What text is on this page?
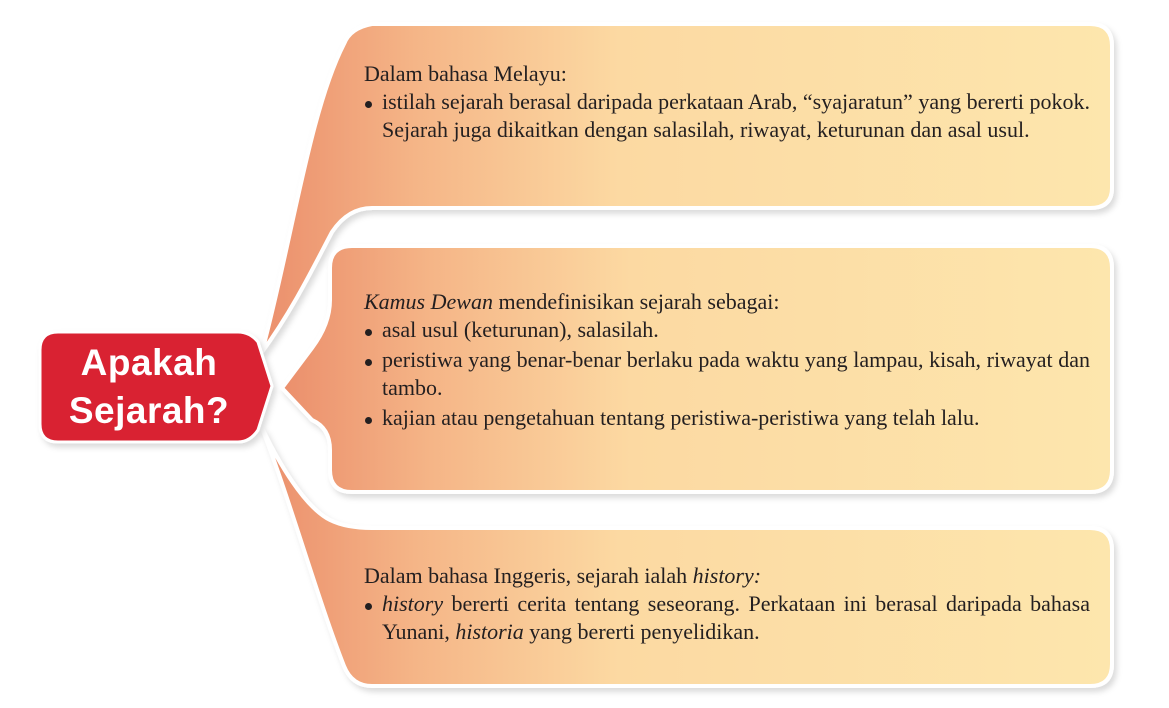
Apakah
Sejarah?

Dalam bahasa Melayu:

istilah sejarah berasal daripada perkataan Arab, “syajaratun” yang bererti pokok. Sejarah juga dikaitkan dengan salasilah, riwayat, keturunan dan asal usul.

Kamus Dewan mendefinisikan sejarah sebagai:

asal usul (keturunan), salasilah.
peristiwa yang benar-benar berlaku pada waktu yang lampau, kisah, riwayat dan tambo.
kajian atau pengetahuan tentang peristiwa-peristiwa yang telah lalu.

Dalam bahasa Inggeris, sejarah ialah history:

history bererti cerita tentang seseorang. Perkataan ini berasal daripada bahasa Yunani, historia yang bererti penyelidikan.
